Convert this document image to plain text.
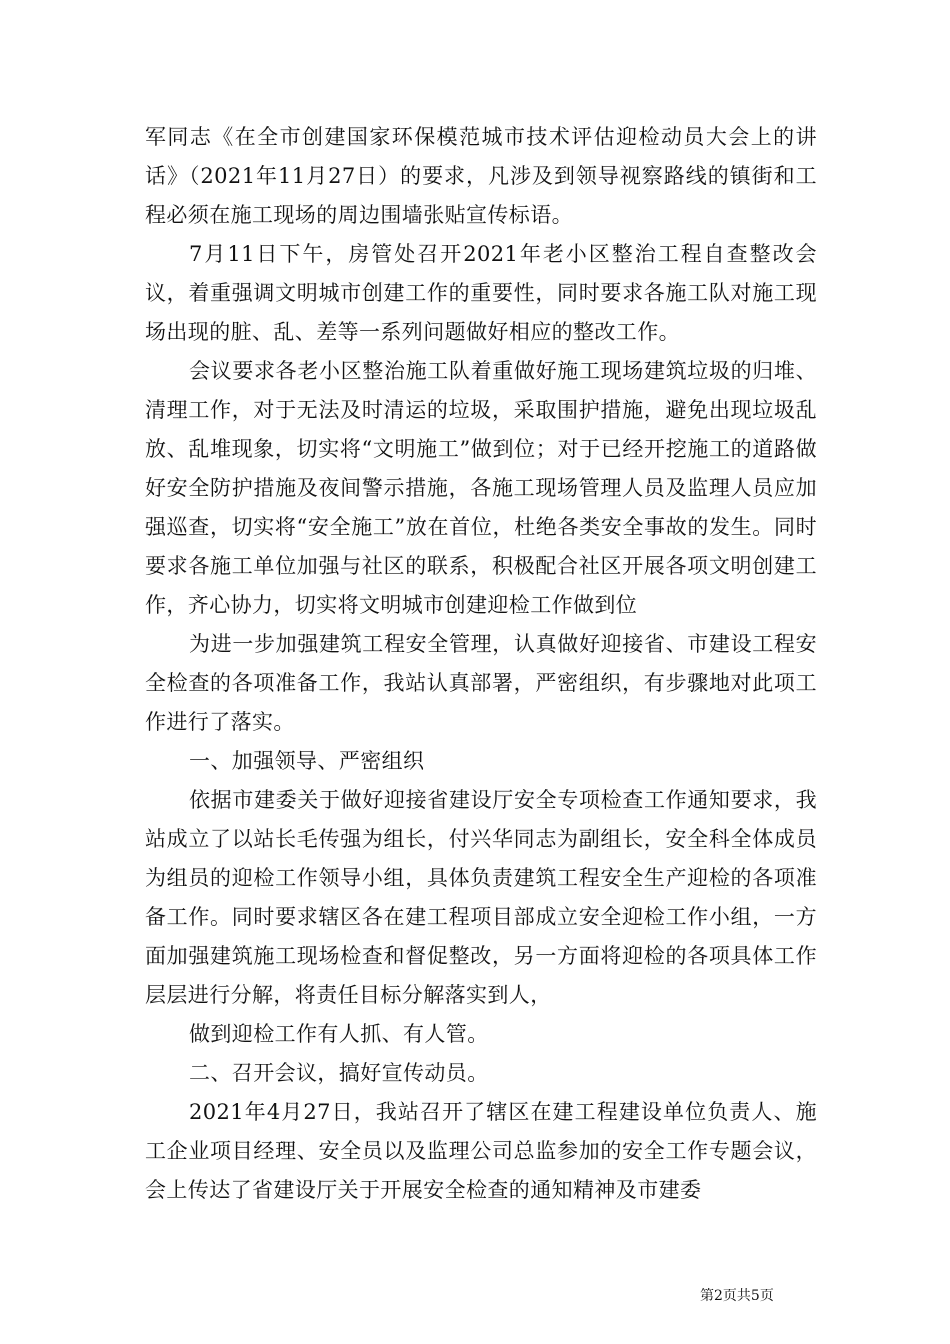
军同志《在全市创建国家环保模范城市技术评估迎检动员大会上的讲话》（2021年11月27日）的要求，凡涉及到领导视察路线的镇街和工程必须在施工现场的周边围墙张贴宣传标语。

7月11日下午，房管处召开2021年老小区整治工程自查整改会议，着重强调文明城市创建工作的重要性，同时要求各施工队对施工现场出现的脏、乱、差等一系列问题做好相应的整改工作。

会议要求各老小区整治施工队着重做好施工现场建筑垃圾的归堆、清理工作，对于无法及时清运的垃圾，采取围护措施，避免出现垃圾乱放、乱堆现象，切实将“文明施工”做到位；对于已经开挖施工的道路做好安全防护措施及夜间警示措施，各施工现场管理人员及监理人员应加强巡查，切实将“安全施工”放在首位，杜绝各类安全事故的发生。同时要求各施工单位加强与社区的联系，积极配合社区开展各项文明创建工作，齐心协力，切实将文明城市创建迎检工作做到位

为进一步加强建筑工程安全管理，认真做好迎接省、市建设工程安全检查的各项准备工作，我站认真部署，严密组织，有步骤地对此项工作进行了落实。

一、加强领导、严密组织

依据市建委关于做好迎接省建设厅安全专项检查工作通知要求，我站成立了以站长毛传强为组长，付兴华同志为副组长，安全科全体成员为组员的迎检工作领导小组，具体负责建筑工程安全生产迎检的各项准备工作。同时要求辖区各在建工程项目部成立安全迎检工作小组，一方面加强建筑施工现场检查和督促整改，另一方面将迎检的各项具体工作层层进行分解，将责任目标分解落实到人，

做到迎检工作有人抓、有人管。

二、召开会议，搞好宣传动员。

2021年4月27日，我站召开了辖区在建工程建设单位负责人、施工企业项目经理、安全员以及监理公司总监参加的安全工作专题会议，会上传达了省建设厅关于开展安全检查的通知精神及市建委

第2页共5页
